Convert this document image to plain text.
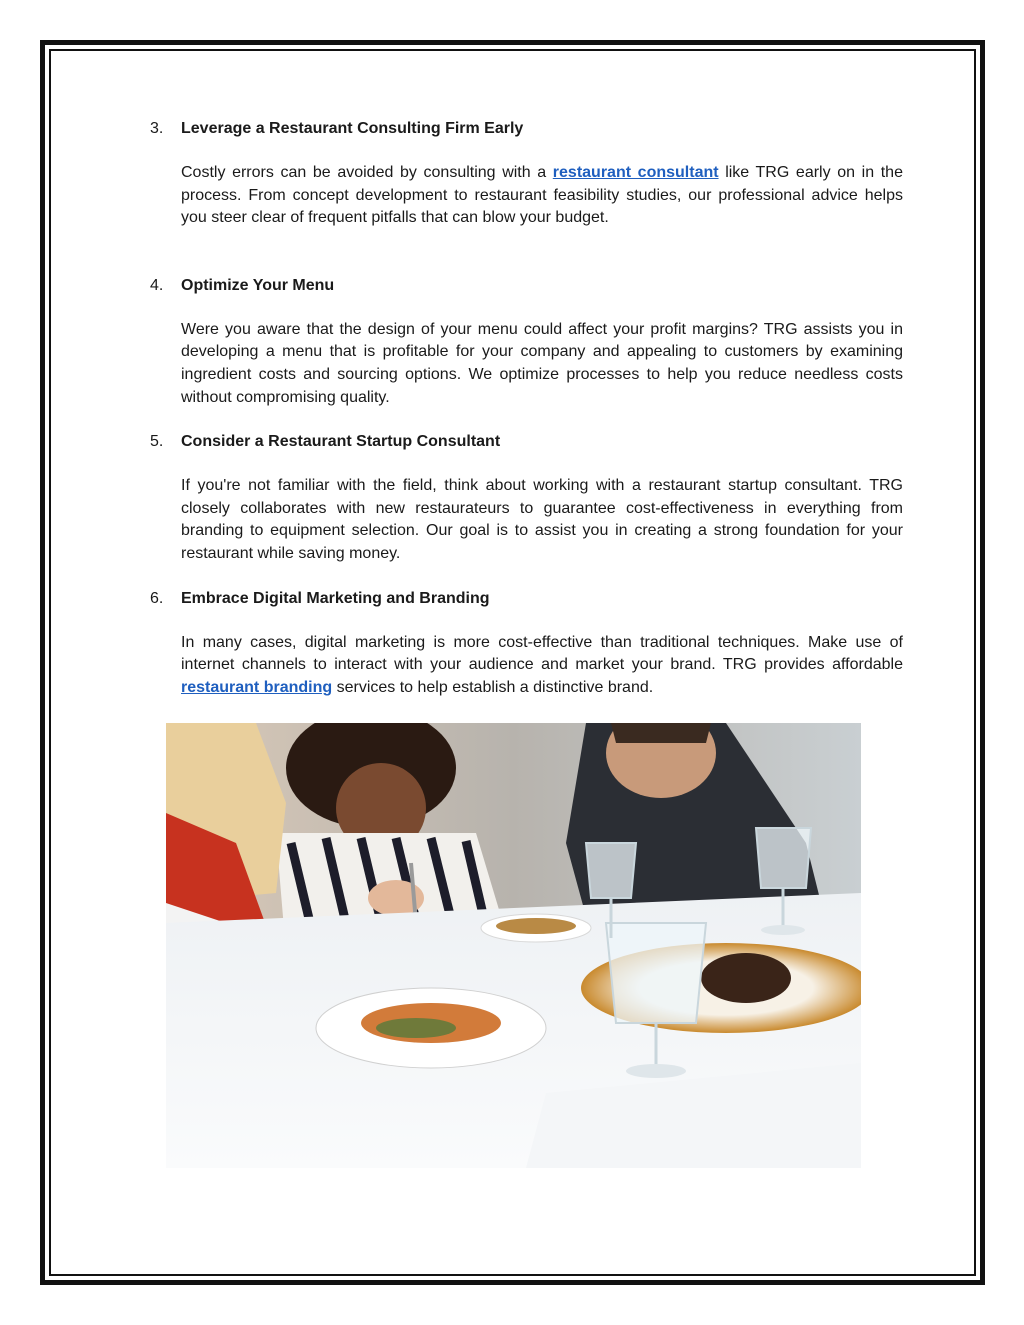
3.	Leverage a Restaurant Consulting Firm Early

Costly errors can be avoided by consulting with a restaurant consultant like TRG early on in the process. From concept development to restaurant feasibility studies, our professional advice helps you steer clear of frequent pitfalls that can blow your budget.

4.	Optimize Your Menu

Were you aware that the design of your menu could affect your profit margins? TRG assists you in developing a menu that is profitable for your company and appealing to customers by examining ingredient costs and sourcing options. We optimize processes to help you reduce needless costs without compromising quality.

5.	Consider a Restaurant Startup Consultant

If you're not familiar with the field, think about working with a restaurant startup consultant. TRG closely collaborates with new restaurateurs to guarantee cost-effectiveness in everything from branding to equipment selection. Our goal is to assist you in creating a strong foundation for your restaurant while saving money.

6.	Embrace Digital Marketing and Branding

In many cases, digital marketing is more cost-effective than traditional techniques. Make use of internet channels to interact with your audience and market your brand. TRG provides affordable restaurant branding services to help establish a distinctive brand.
